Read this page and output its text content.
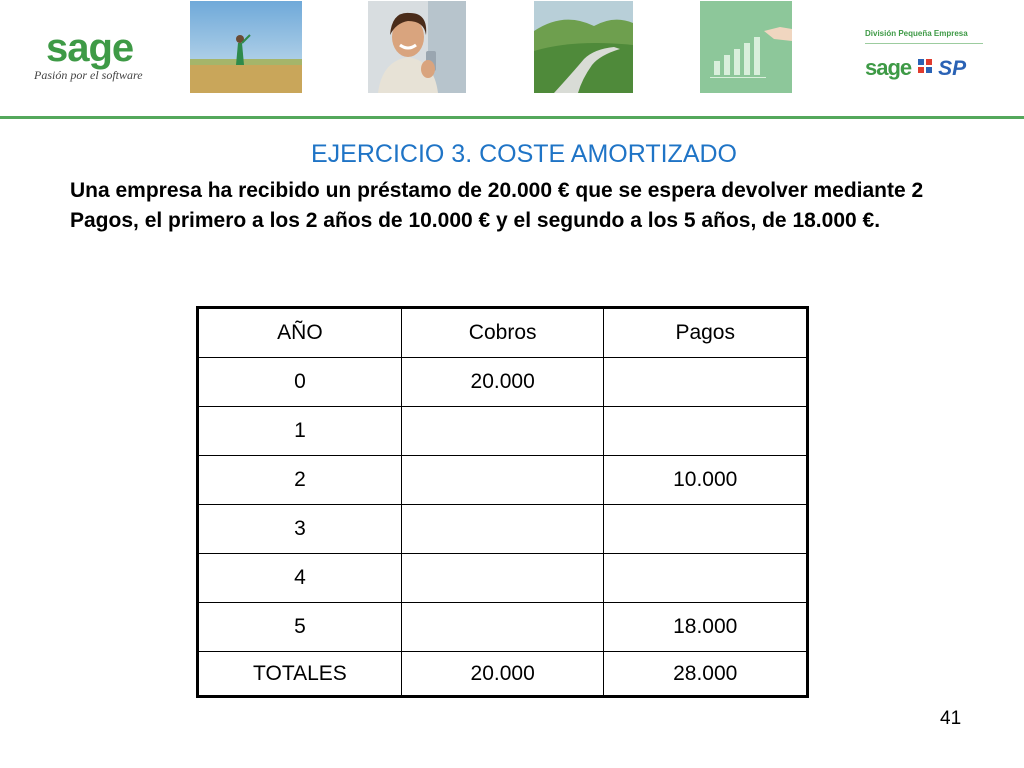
sage
Pasión por el software
División Pequeña Empresa
sage SP
EJERCICIO 3. COSTE AMORTIZADO
Una empresa ha recibido un préstamo de 20.000 € que se espera devolver mediante 2 Pagos, el primero a los 2 años de 10.000 € y el segundo a los 5 años, de 18.000 €.
AÑO	Cobros	Pagos
0	20.000	
1		
2		10.000
3		
4		
5		18.000
TOTALES	20.000	28.000
41
